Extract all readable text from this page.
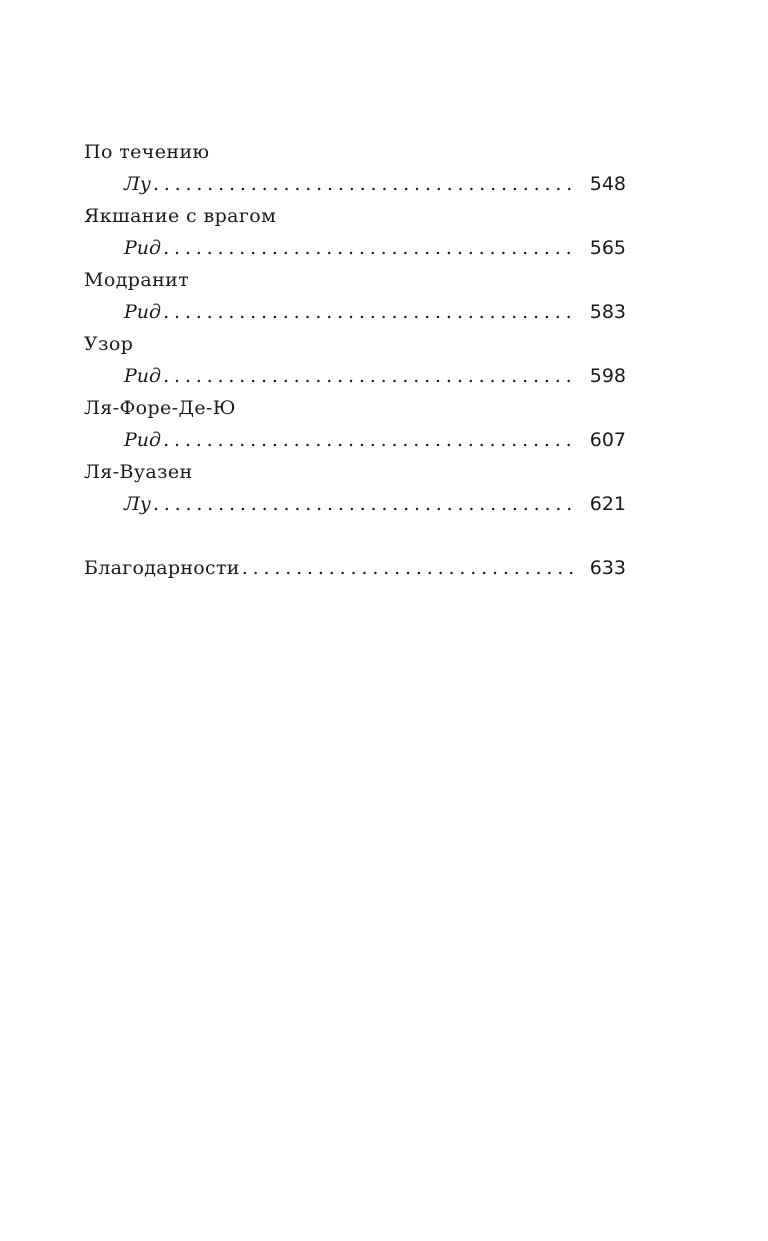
По течению
Лу . . .	548
Якшание с врагом
Рид . . .	565
Модранит
Рид . . .	583
Узор
Рид . . .	598
Ля-Форе-Де-Ю
Рид . . .	607
Ля-Вуазен
Лу . . .	621
Благодарности . . .	633
